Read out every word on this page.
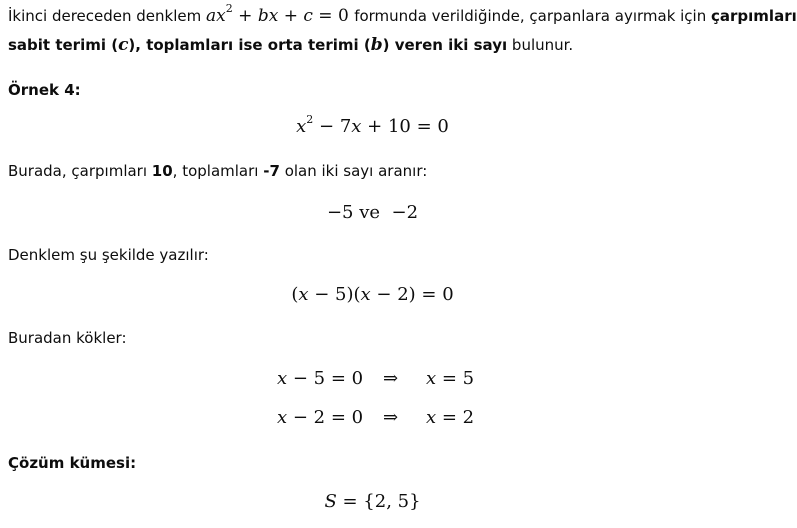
İkinci dereceden denklem $ax^2$ + bx + c = 0 formunda verildiğinde, çarpanlara ayırmak için çarpımları
sabit terimi (c), toplamları ise orta terimi (b) veren iki sayı bulunur.
Örnek 4:
$x^2 - 7x + 10 = 0$
Burada, çarpımları 10, toplamları -7 olan iki sayı aranır:
−5 ve  −2
Denklem şu şekilde yazılır:
(x − 5)(x − 2) = 0
Buradan kökler:
x − 5 = 0 ⇒ x = 5
x − 2 = 0 ⇒ x = 2
Çözüm kümesi:
S = {2, 5}
